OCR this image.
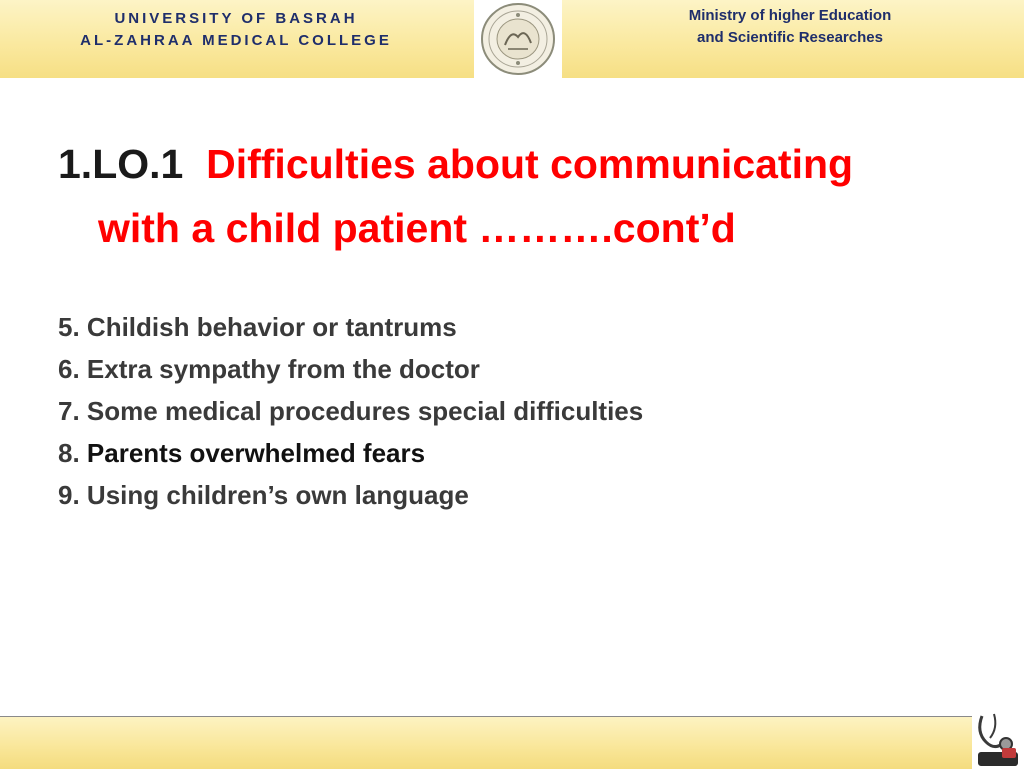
UNIVERSITY OF BASRAH
AL-ZAHRAA MEDICAL COLLEGE
Ministry of higher Education
and Scientific Researches
1.LO.1 Difficulties about communicating
with a child patient ……….cont’d
5. Childish behavior or tantrums
6. Extra sympathy from the doctor
7. Some medical procedures special difficulties
8. Parents overwhelmed fears
9. Using children’s own language
